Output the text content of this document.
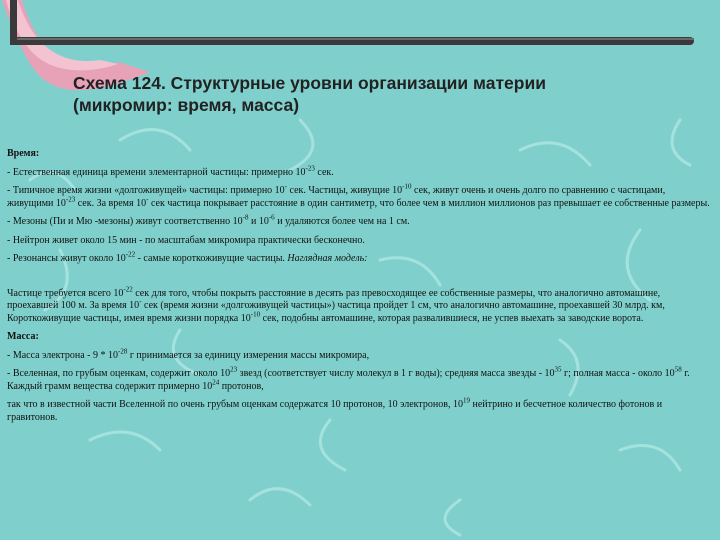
Схема 124. Структурные уровни организации материи
(микромир: время, масса)

Время:

- Естественная единица времени элементарной частицы: примерно $10^{-23}$ сек.

- Типичное время жизни «долгоживущей» частицы: примерно 10- сек. Частицы, живущие $10^{-10}$ сек, живут очень и очень долго по сравнению с частицами, живущими $10^{-23}$ сек. За время 10- сек частица покрывает расстояние в один сантиметр, что более чем в миллион миллионов раз превышает ее собственные размеры.

- Мезоны (Пи и Мю -мезоны) живут соответственно $10^{-8}$ и $10^{-6}$ и удаляются более чем на 1 см.

- Нейтрон живет около 15 мин - по масштабам микромира практически бесконечно.

- Резонансы живут около $10^{-22}$ - самые короткоживущие частицы. Наглядная модель:

Частице требуется всего $10^{-22}$ сек для того, чтобы покрыть расстояние в десять раз превосходящее ее собственные размеры, что аналогично автомашине, проехавшей 100 м. За время 10- сек (время жизни «долгоживущей частицы») частица пройдет 1 см, что аналогично автомашине, проехавшей 30 млрд. км, Короткоживущие частицы, имея время жизни порядка $10^{-10}$ сек, подобны автомашине, которая развалившиеся, не успев выехать за заводские ворота.

Масса:

- Масса электрона - $9 * 10^{-28}$ г принимается за единицу измерения массы микромира,

- Вселенная, по грубым оценкам, содержит около $10^{23}$ звезд (соответствует числу молекул в 1 г воды); средняя масса звезды - $10^{35}$ г; полная масса - около $10^{58}$ г. Каждый грамм вещества содержит примерно $10^{24}$ протонов,

так что в известной части Вселенной по очень грубым оценкам содержатся 10 протонов, 10 электронов, $10^{19}$ нейтрино и бесчетное количество фотонов и гравитонов.
